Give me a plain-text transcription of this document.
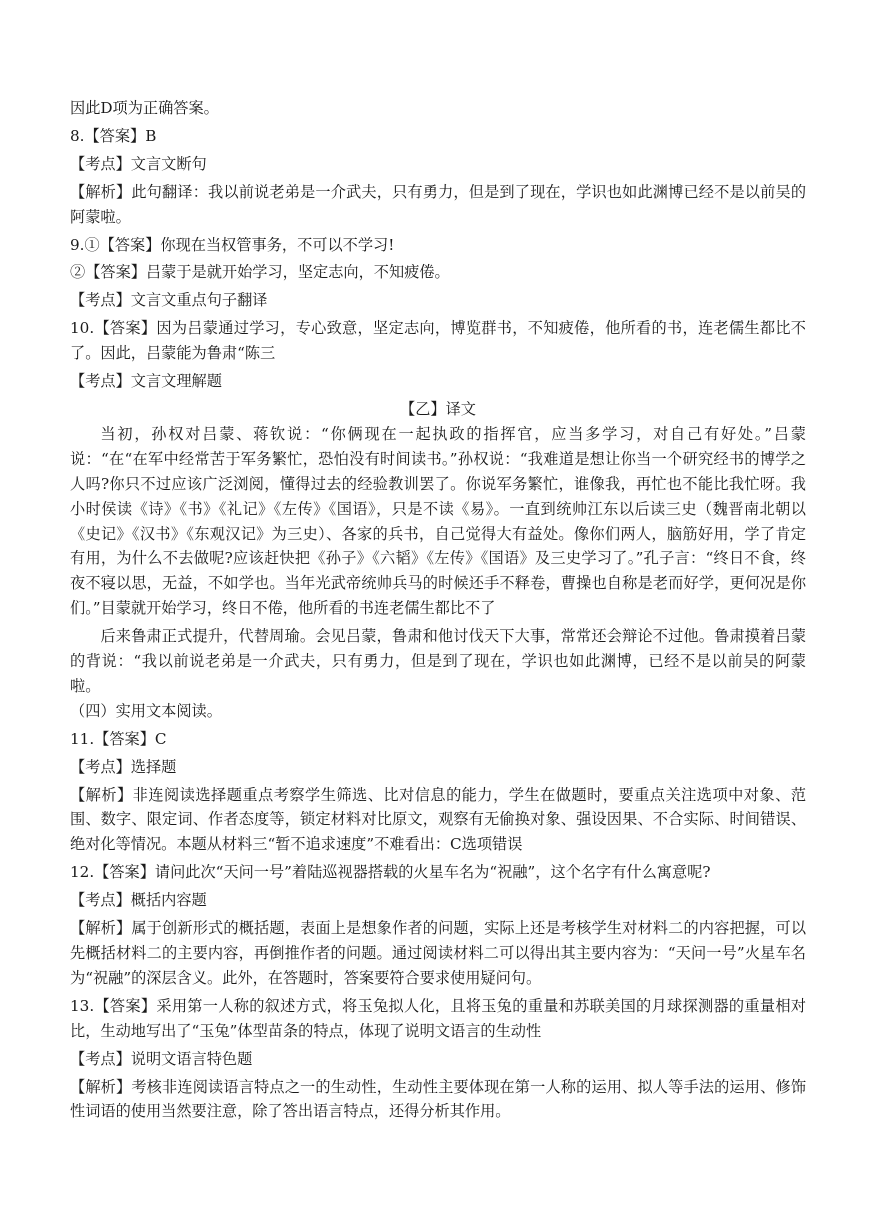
因此D项为正确答案。

8.【答案】B

【考点】文言文断句

【解析】此句翻译：我以前说老弟是一介武夫，只有勇力，但是到了现在，学识也如此渊博已经不是以前吴的阿蒙啦。

9.①【答案】你现在当权管事务，不可以不学习!

②【答案】吕蒙于是就开始学习，坚定志向，不知疲倦。

【考点】文言文重点句子翻译

10.【答案】因为吕蒙通过学习，专心致意，坚定志向，博览群书，不知疲倦，他所看的书，连老儒生都比不了。因此，吕蒙能为鲁肃“陈三

【考点】文言文理解题

【乙】译文

当初，孙权对吕蒙、蒋钦说：“你俩现在一起执政的指挥官，应当多学习，对自己有好处。”吕蒙说：“在“在军中经常苦于军务繁忙，恐怕没有时间读书。”孙权说：“我难道是想让你当一个研究经书的博学之人吗?你只不过应该广泛浏阅，懂得过去的经验教训罢了。你说军务繁忙，谁像我，再忙也不能比我忙呀。我小时侯读《诗》《书》《礼记》《左传》《国语》，只是不读《易》。一直到统帅江东以后读三史（魏晋南北朝以《史记》《汉书》《东观汉记》为三史）、各家的兵书，自己觉得大有益处。像你们两人，脑筋好用，学了肯定有用，为什么不去做呢?应该赶快把《孙子》《六韬》《左传》《国语》及三史学习了。”孔子言：“终日不食，终夜不寝以思，无益，不如学也。当年光武帝统帅兵马的时候还手不释卷，曹操也自称是老而好学，更何况是你们。”目蒙就开始学习，终日不倦，他所看的书连老儒生都比不了

后来鲁肃正式提升，代替周瑜。会见吕蒙，鲁肃和他讨伐天下大事，常常还会辩论不过他。鲁肃摸着吕蒙的背说：“我以前说老弟是一介武夫，只有勇力，但是到了现在，学识也如此渊博，已经不是以前吴的阿蒙啦。

（四）实用文本阅读。

11.【答案】C

【考点】选择题

【解析】非连阅读选择题重点考察学生筛选、比对信息的能力，学生在做题时，要重点关注选项中对象、范围、数字、限定词、作者态度等，锁定材料对比原文，观察有无偷换对象、强设因果、不合实际、时间错误、绝对化等情况。本题从材料三“暂不追求速度”不难看出：C选项错误

12.【答案】请问此次“天问一号”着陆巡视器搭载的火星车名为“祝融”，这个名字有什么寓意呢?

【考点】概括内容题

【解析】属于创新形式的概括题，表面上是想象作者的问题，实际上还是考核学生对材料二的内容把握，可以先概括材料二的主要内容，再倒推作者的问题。通过阅读材料二可以得出其主要内容为：“天问一号”火星车名为“祝融”的深层含义。此外，在答题时，答案要符合要求使用疑问句。

13.【答案】采用第一人称的叙述方式，将玉兔拟人化，且将玉兔的重量和苏联美国的月球探测器的重量相对比，生动地写出了“玉兔”体型苗条的特点，体现了说明文语言的生动性

【考点】说明文语言特色题

【解析】考核非连阅读语言特点之一的生动性，生动性主要体现在第一人称的运用、拟人等手法的运用、修饰性词语的使用当然要注意，除了答出语言特点，还得分析其作用。
